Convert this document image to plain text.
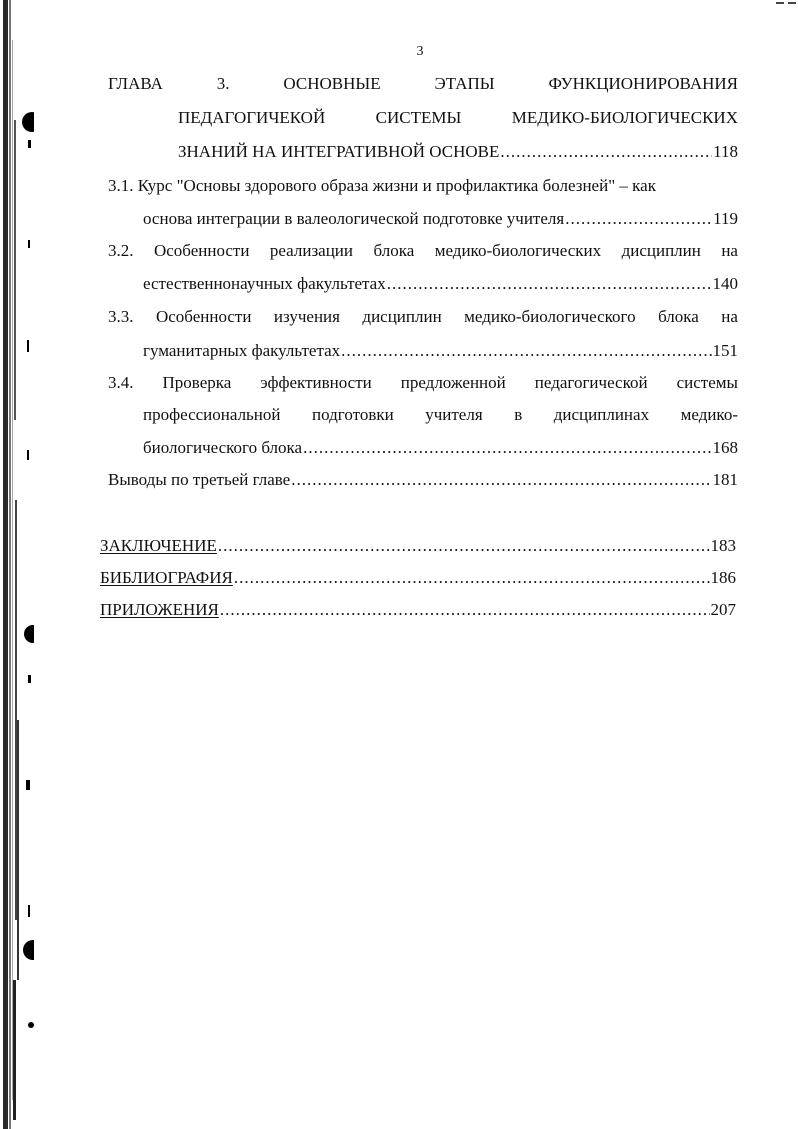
3
ГЛАВА	3.	ОСНОВНЫЕ	ЭТАПЫ	ФУНКЦИОНИРОВАНИЯ
ПЕДАГОГИЧЕКОЙ	СИСТЕМЫ	МЕДИКО-БИОЛОГИЧЕСКИХ
ЗНАНИЙ НА ИНТЕГРАТИВНОЙ ОСНОВЕ .....	118
3.1. Курс "Основы здорового образа жизни и профилактика болезней" – как
основа интеграции в валеологической подготовке учителя .....	119
3.2. Особенности реализации блока медико-биологических дисциплин на
естественнонаучных факультетах .....	140
3.3. Особенности изучения дисциплин медико-биологического блока на
гуманитарных факультетах .....	151
3.4. Проверка эффективности предложенной педагогической системы
профессиональной подготовки учителя в дисциплинах медико-
биологического блока .....	168
Выводы по третьей главе .....	181
ЗАКЛЮЧЕНИЕ .....	183
БИБЛИОГРАФИЯ .....	186
ПРИЛОЖЕНИЯ .....	207
